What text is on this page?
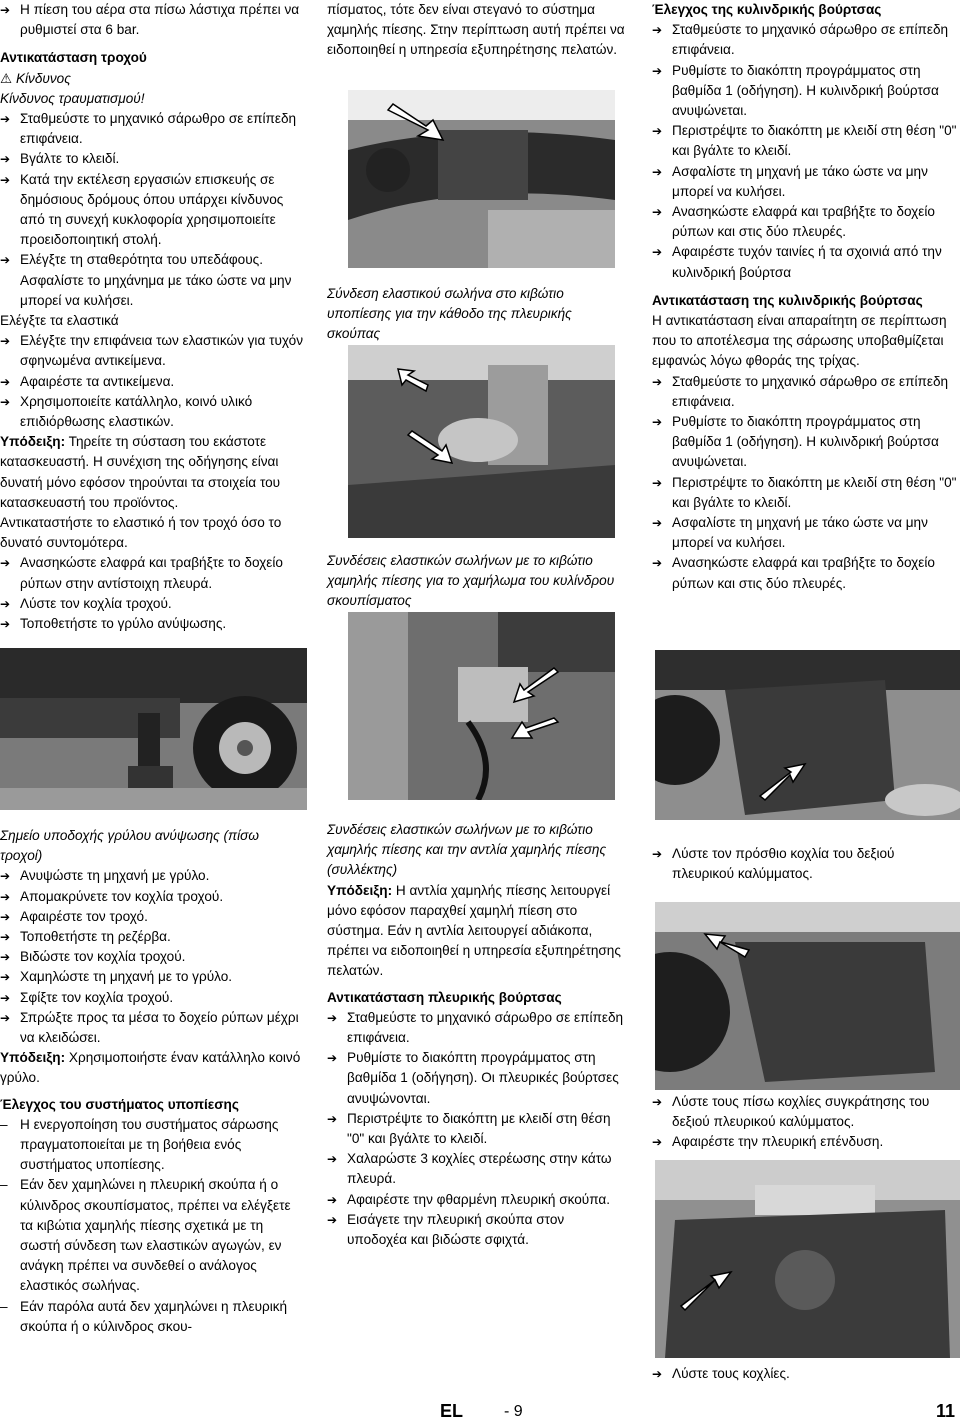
➔ Η πίεση του αέρα στα πίσω λάστιχα πρέπει να ρυθμιστεί στα 6 bar.

Αντικατάσταση τροχού

⚠ Κίνδυνος

Κίνδυνος τραυματισμού!

➔ Σταθμεύστε το μηχανικό σάρωθρο σε επίπεδη επιφάνεια.

➔ Βγάλτε το κλειδί.

➔ Κατά την εκτέλεση εργασιών επισκευής σε δημόσιους δρόμους όπου υπάρχει κίνδυνος από τη συνεχή κυκλοφορία χρησιμοποιείτε προειδοποιητική στολή.

➔ Ελέγξτε τη σταθερότητα του υπεδάφους. Ασφαλίστε το μηχάνημα με τάκο ώστε να μην μπορεί να κυλήσει.

Ελέγξτε τα ελαστικά

➔ Ελέγξτε την επιφάνεια των ελαστικών για τυχόν σφηνωμένα αντικείμενα.

➔ Αφαιρέστε τα αντικείμενα.

➔ Χρησιμοποιείτε κατάλληλο, κοινό υλικό επιδιόρθωσης ελαστικών.

Υπόδειξη: Τηρείτε τη σύσταση του εκάστοτε κατασκευαστή. Η συνέχιση της οδήγησης είναι δυνατή μόνο εφόσον τηρούνται τα στοιχεία του κατασκευαστή του προϊόντος.

Αντικαταστήστε το ελαστικό ή τον τροχό όσο το δυνατό συντομότερα.

➔ Ανασηκώστε ελαφρά και τραβήξτε το δοχείο ρύπων στην αντίστοιχη πλευρά.

➔ Λύστε τον κοχλία τροχού.

➔ Τοποθετήστε το γρύλο ανύψωσης.

Σημείο υποδοχής γρύλου ανύψωσης (πίσω τροχοί)

➔ Ανυψώστε τη μηχανή με γρύλο.

➔ Απομακρύνετε τον κοχλία τροχού.

➔ Αφαιρέστε τον τροχό.

➔ Τοποθετήστε τη ρεζέρβα.

➔ Βιδώστε τον κοχλία τροχού.

➔ Χαμηλώστε τη μηχανή με το γρύλο.

➔ Σφίξτε τον κοχλία τροχού.

➔ Σπρώξτε προς τα μέσα το δοχείο ρύπων μέχρι να κλειδώσει.

Υπόδειξη: Χρησιμοποιήστε έναν κατάλληλο κοινό γρύλο.

Έλεγχος του συστήματος υποπίεσης

– Η ενεργοποίηση του συστήματος σάρωσης πραγματοποιείται με τη βοήθεια ενός συστήματος υποπίεσης.

– Εάν δεν χαμηλώνει η πλευρική σκούπα ή ο κύλινδρος σκουπίσματος, πρέπει να ελέγξετε τα κιβώτια χαμηλής πίεσης σχετικά με τη σωστή σύνδεση των ελαστικών αγωγών, εν ανάγκη πρέπει να συνδεθεί ο ανάλογος ελαστικός σωλήνας.

– Εάν παρόλα αυτά δεν χαμηλώνει η πλευρική σκούπα ή ο κύλινδρος σκου-

πίσματος, τότε δεν είναι στεγανό το σύστημα χαμηλής πίεσης. Στην περίπτωση αυτή πρέπει να ειδοποιηθεί η υπηρεσία εξυπηρέτησης πελατών.

Σύνδεση ελαστικού σωλήνα στο κιβώτιο υποπίεσης για την κάθοδο της πλευρικής σκούπας

Συνδέσεις ελαστικών σωλήνων με το κιβώτιο χαμηλής πίεσης για το χαμήλωμα του κυλίνδρου σκουπίσματος

Συνδέσεις ελαστικών σωλήνων με το κιβώτιο χαμηλής πίεσης και την αντλία χαμηλής πίεσης (συλλέκτης)

Υπόδειξη: Η αντλία χαμηλής πίεσης λειτουργεί μόνο εφόσον παραχθεί χαμηλή πίεση στο σύστημα. Εάν η αντλία λειτουργεί αδιάκοπα, πρέπει να ειδοποιηθεί η υπηρεσία εξυπηρέτησης πελατών.

Αντικατάσταση πλευρικής βούρτσας

➔ Σταθμεύστε το μηχανικό σάρωθρο σε επίπεδη επιφάνεια.

➔ Ρυθμίστε το διακόπτη προγράμματος στη βαθμίδα 1 (οδήγηση). Οι πλευρικές βούρτσες ανυψώνονται.

➔ Περιστρέψτε το διακόπτη με κλειδί στη θέση "0" και βγάλτε το κλειδί.

➔ Χαλαρώστε 3 κοχλίες στερέωσης στην κάτω πλευρά.

➔ Αφαιρέστε την φθαρμένη πλευρική σκούπα.

➔ Εισάγετε την πλευρική σκούπα στον υποδοχέα και βιδώστε σφιχτά.

Έλεγχος της κυλινδρικής βούρτσας

➔ Σταθμεύστε το μηχανικό σάρωθρο σε επίπεδη επιφάνεια.

➔ Ρυθμίστε το διακόπτη προγράμματος στη βαθμίδα 1 (οδήγηση). Η κυλινδρική βούρτσα ανυψώνεται.

➔ Περιστρέψτε το διακόπτη με κλειδί στη θέση "0" και βγάλτε το κλειδί.

➔ Ασφαλίστε τη μηχανή με τάκο ώστε να μην μπορεί να κυλήσει.

➔ Ανασηκώστε ελαφρά και τραβήξτε το δοχείο ρύπων και στις δύο πλευρές.

➔ Αφαιρέστε τυχόν ταινίες ή τα σχοινιά από την κυλινδρική βούρτσα

Αντικατάσταση της κυλινδρικής βούρτσας

Η αντικατάσταση είναι απαραίτητη σε περίπτωση που το αποτέλεσμα της σάρωσης υποβαθμίζεται εμφανώς λόγω φθοράς της τρίχας.

➔ Σταθμεύστε το μηχανικό σάρωθρο σε επίπεδη επιφάνεια.

➔ Ρυθμίστε το διακόπτη προγράμματος στη βαθμίδα 1 (οδήγηση). Η κυλινδρική βούρτσα ανυψώνεται.

➔ Περιστρέψτε το διακόπτη με κλειδί στη θέση "0" και βγάλτε το κλειδί.

➔ Ασφαλίστε τη μηχανή με τάκο ώστε να μην μπορεί να κυλήσει.

➔ Ανασηκώστε ελαφρά και τραβήξτε το δοχείο ρύπων και στις δύο πλευρές.

➔ Λύστε τον πρόσθιο κοχλία του δεξιού πλευρικού καλύμματος.

➔ Λύστε τους πίσω κοχλίες συγκράτησης του δεξιού πλευρικού καλύμματος.

➔ Αφαιρέστε την πλευρική επένδυση.

➔ Λύστε τους κοχλίες.

EL	- 9	11
